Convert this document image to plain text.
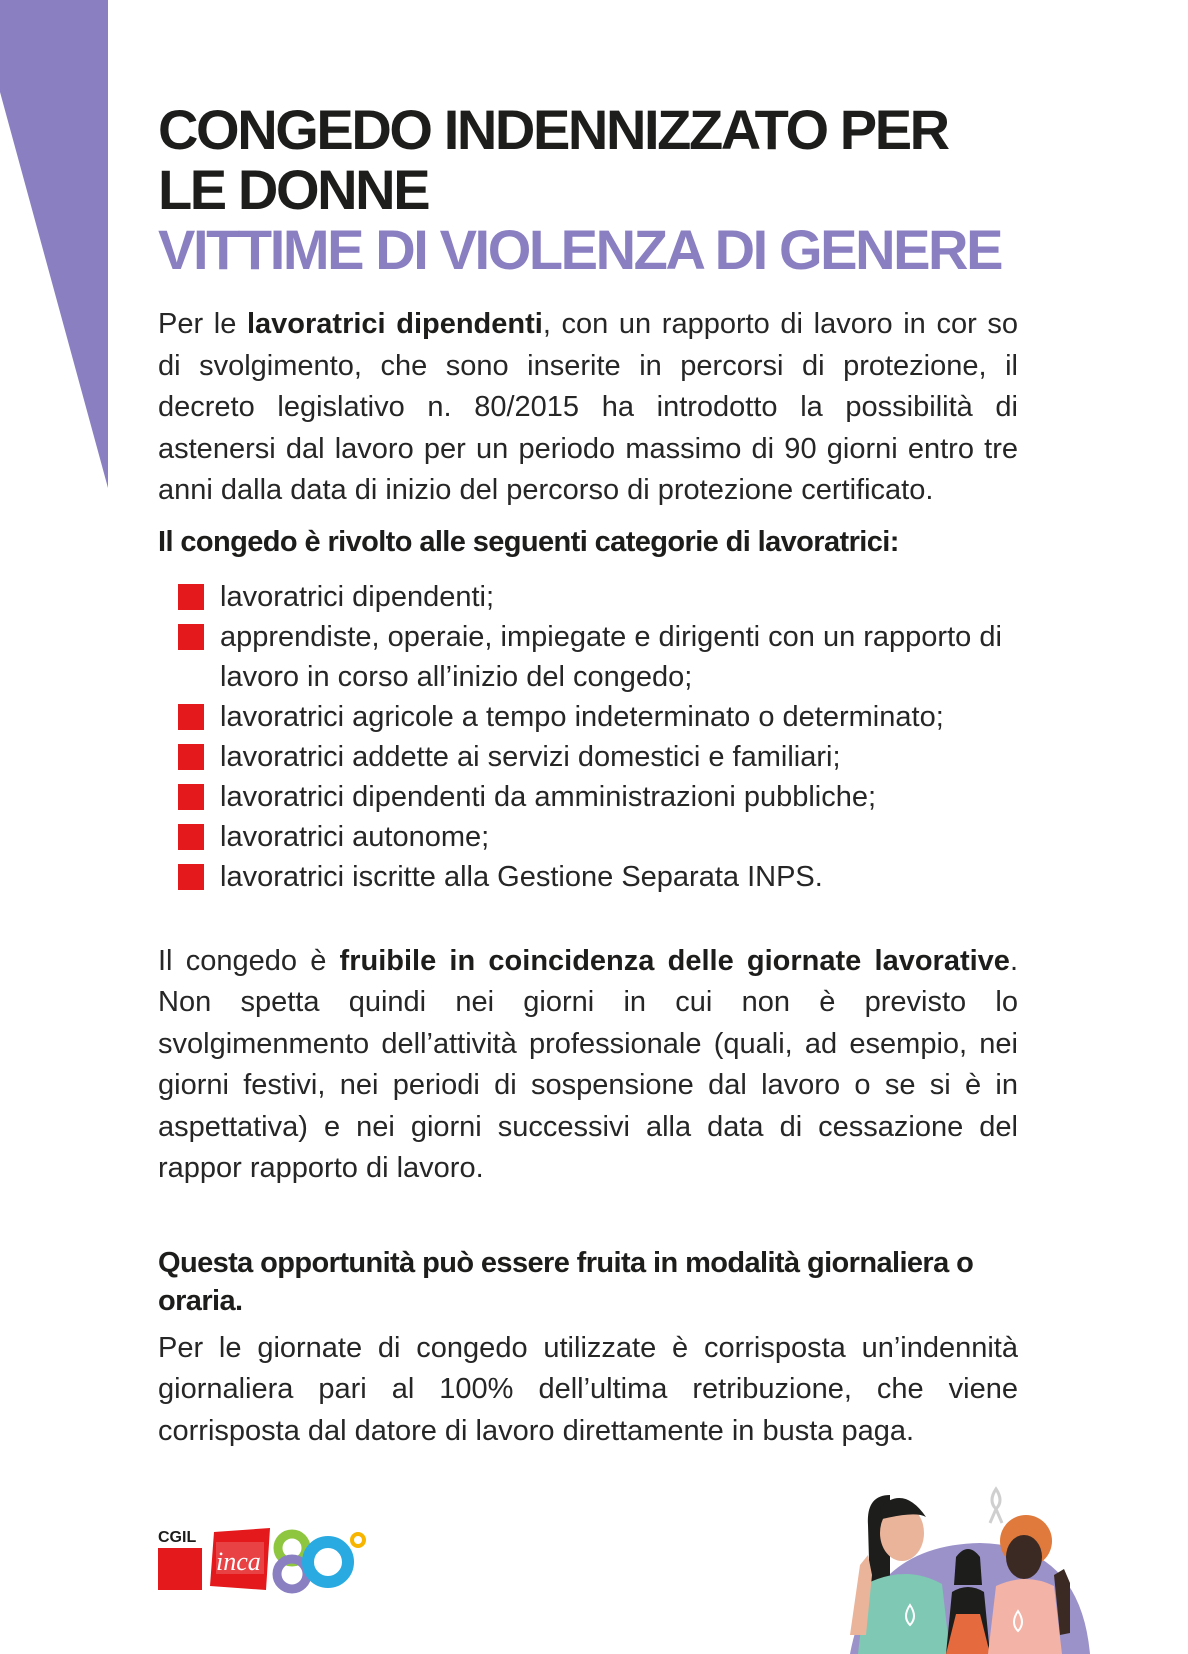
CONGEDO INDENNIZZATO PER LE DONNE
VITTIME DI VIOLENZA DI GENERE

Per le lavoratrici dipendenti, con un rapporto di lavoro in cor so di svolgimento, che sono inserite in percorsi di protezione, il decreto legislativo n. 80/2015 ha introdotto la possibilità di astenersi dal lavoro per un periodo massimo di 90 giorni entro tre anni dalla data di inizio del percorso di protezione certificato.

Il congedo è rivolto alle seguenti categorie di lavoratrici:
lavoratrici dipendenti;
apprendiste, operaie, impiegate e dirigenti con un rapporto di lavoro in corso all’inizio del congedo;
lavoratrici agricole a tempo indeterminato o determinato;
lavoratrici addette ai servizi domestici e familiari;
lavoratrici dipendenti da amministrazioni pubbliche;
lavoratrici autonome;
lavoratrici iscritte alla Gestione Separata INPS.

Il congedo è fruibile in coincidenza delle giornate lavorative. Non spetta quindi nei giorni in cui non è previsto lo svolgimenmento dell’attività professionale (quali, ad esempio, nei giorni festivi, nei periodi di sospensione dal lavoro o se si è in aspettativa) e nei giorni successivi alla data di cessazione del rappor rapporto di lavoro.

Questa opportunità può essere fruita in modalità giornaliera o oraria.

Per le giornate di congedo utilizzate è corrisposta un’indennità giornaliera pari al 100% dell’ultima retribuzione, che viene corrisposta dal datore di lavoro direttamente in busta paga.

CGIL
inca
